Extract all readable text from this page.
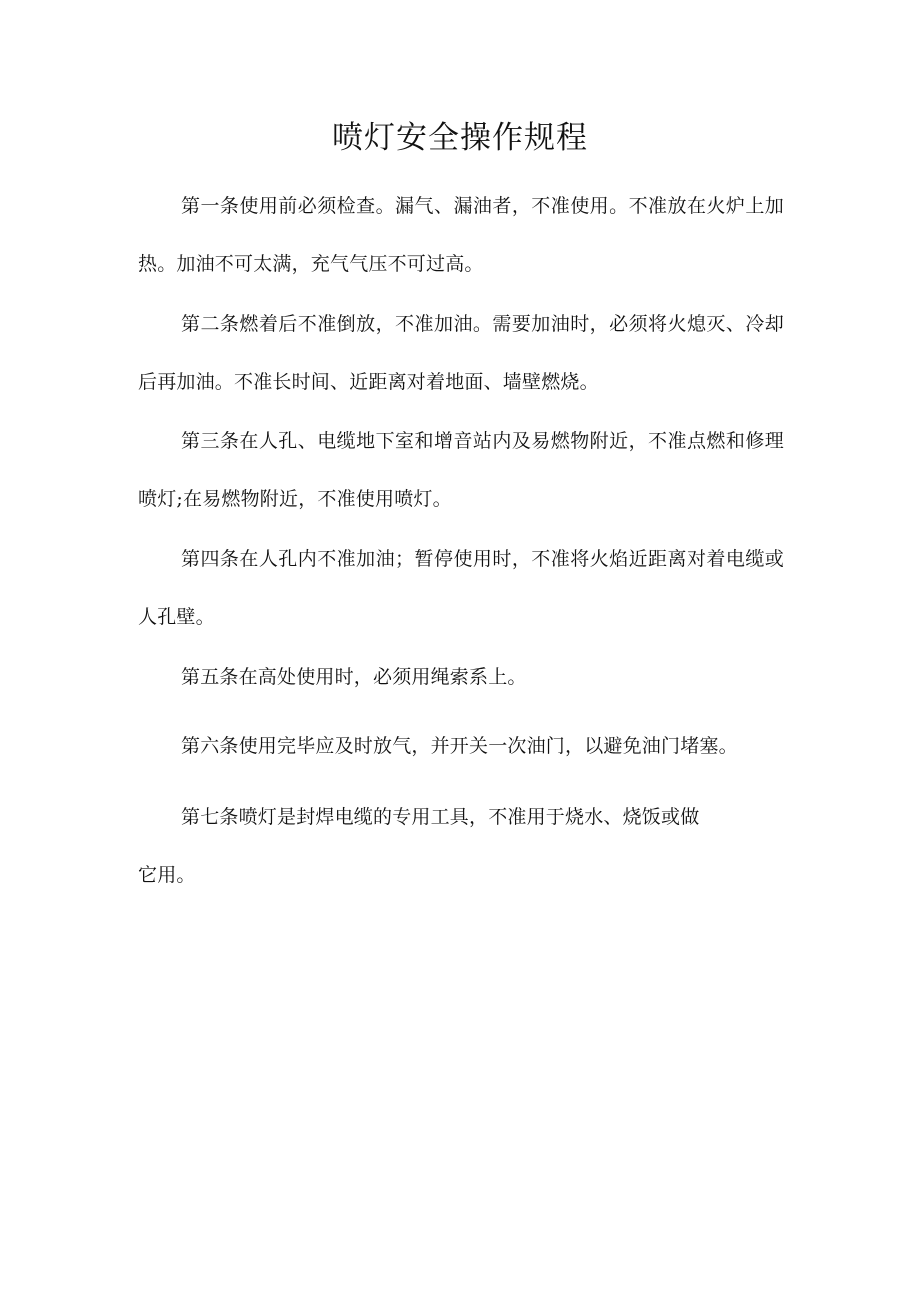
喷灯安全操作规程

第一条使用前必须检查。漏气、漏油者，不准使用。不准放在火炉上加热。加油不可太满，充气气压不可过高。

第二条燃着后不准倒放，不准加油。需要加油时，必须将火熄灭、冷却后再加油。不准长时间、近距离对着地面、墙壁燃烧。

第三条在人孔、电缆地下室和增音站内及易燃物附近，不准点燃和修理喷灯;在易燃物附近，不准使用喷灯。

第四条在人孔内不准加油；暂停使用时，不准将火焰近距离对着电缆或人孔壁。

第五条在高处使用时，必须用绳索系上。

第六条使用完毕应及时放气，并开关一次油门，以避免油门堵塞。

第七条喷灯是封焊电缆的专用工具，不准用于烧水、烧饭或做

它用。
